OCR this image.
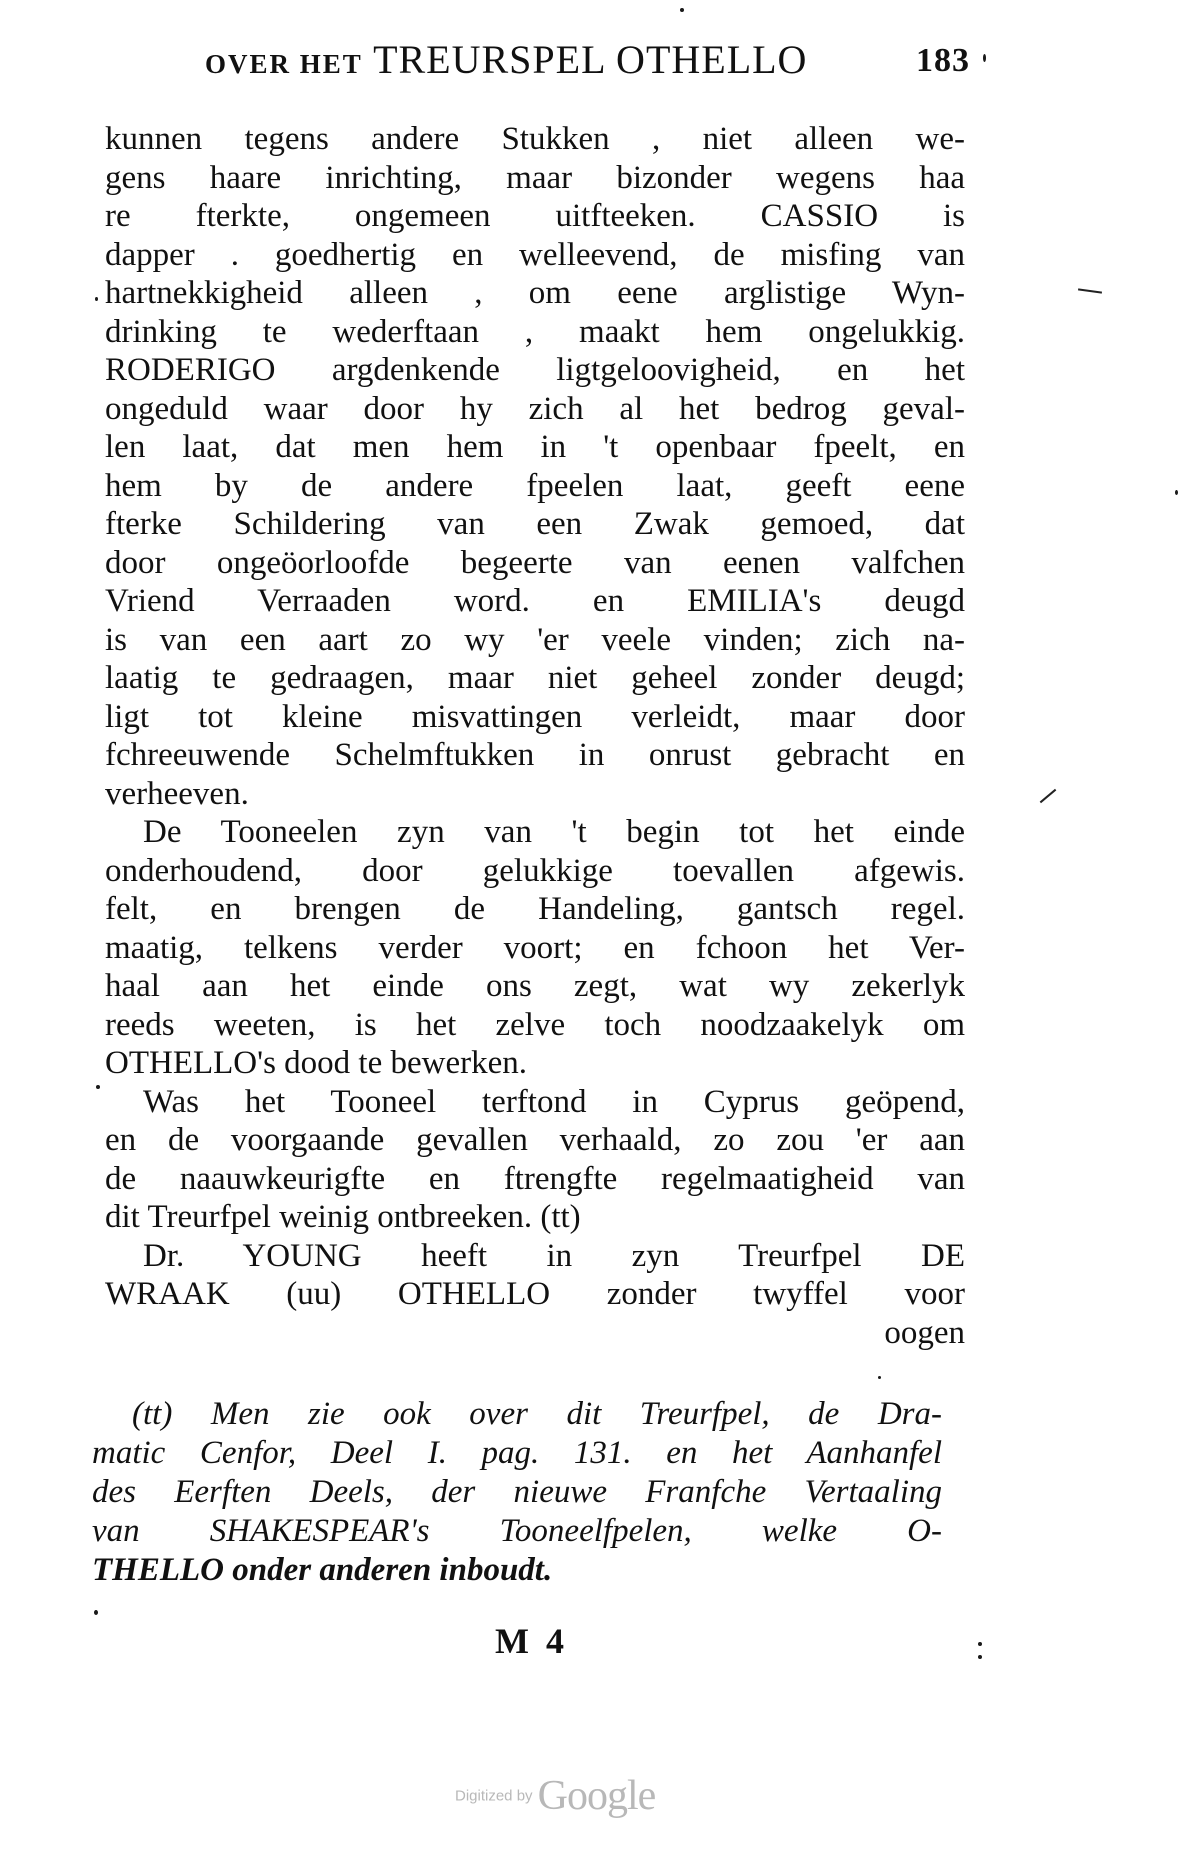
OVER HET TREURSPEL OTHELLO	183
kunnen tegens andere Stukken , niet alleen we-
gens haare inrichting, maar bizonder wegens haa
re fterkte, ongemeen uitfteeken. CASSIO is
dapper . goedhertig en welleevend, de misfing van
hartnekkigheid alleen , om eene arglistige Wyn-
drinking te wederftaan , maakt hem ongelukkig.
RODERIGO argdenkende ligtgeloovigheid, en het
ongeduld waar door hy zich al het bedrog geval-
len laat, dat men hem in 't openbaar fpeelt, en
hem by de andere fpeelen laat, geeft eene
fterke Schildering van een Zwak gemoed, dat
door ongeöorloofde begeerte van eenen valfchen
Vriend Verraaden word. en EMILIA's deugd
is van een aart zo wy 'er veele vinden; zich na-
laatig te gedraagen, maar niet geheel zonder deugd;
ligt tot kleine misvattingen verleidt, maar door
fchreeuwende Schelmftukken in onrust gebracht en
verheeven.
De Tooneelen zyn van 't begin tot het einde
onderhoudend, door gelukkige toevallen afgewis.
felt, en brengen de Handeling, gantsch regel.
maatig, telkens verder voort; en fchoon het Ver-
haal aan het einde ons zegt, wat wy zekerlyk
reeds weeten, is het zelve toch noodzaakelyk om
OTHELLO's dood te bewerken.
Was het Tooneel terftond in Cyprus geöpend,
en de voorgaande gevallen verhaald, zo zou 'er aan
de naauwkeurigfte en ftrengfte regelmaatigheid van
dit Treurfpel weinig ontbreeken. (tt)
Dr. YOUNG heeft in zyn Treurfpel DE
WRAAK (uu) OTHELLO zonder twyffel voor
oogen
(tt) Men zie ook over dit Treurfpel, de Dra-
matic Cenfor, Deel I. pag. 131. en het Aanhanfel
des Eerften Deels, der nieuwe Franfche Vertaaling
van SHAKESPEAR's Tooneelfpelen, welke O-
THELLO onder anderen inboudt.
M 4
Digitized by Google
